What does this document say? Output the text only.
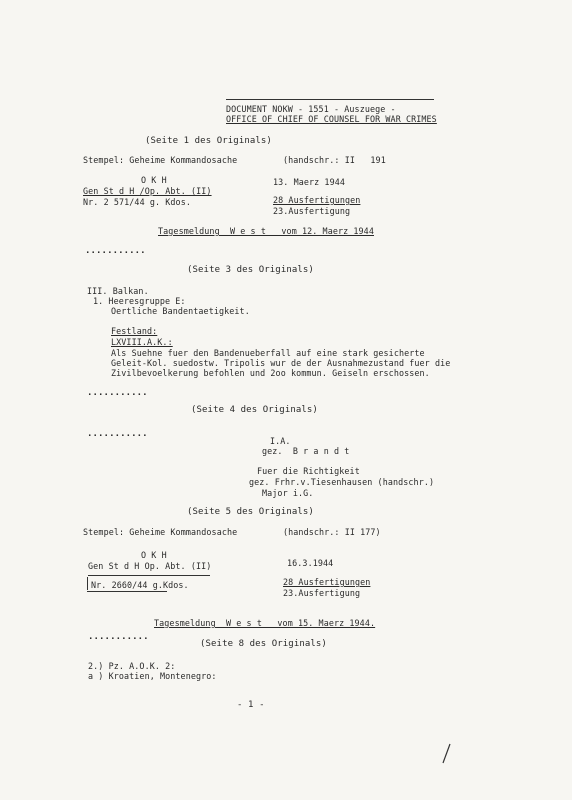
DOCUMENT NOKW - 1551 - Auszuege -
OFFICE OF CHIEF OF COUNSEL FOR WAR CRIMES
(Seite 1 des Originals)
Stempel: Geheime Kommandosache	(handschr.: II   191
O K H	13. Maerz 1944
Gen St d H /Op. Abt. (II)
Nr. 2 571/44 g. Kdos.	28 Ausfertigungen
23.Ausfertigung
Tagesmeldung  W e s t   vom 12. Maerz 1944
...........
(Seite 3 des Originals)
III. Balkan.
1. Heeresgruppe E:
Oertliche Bandentaetigkeit.
Festland:
LXVIII.A.K.:
Als Suehne fuer den Bandenueberfall auf eine stark gesicherte
Geleit-Kol. suedostw. Tripolis wur de der Ausnahmezustand fuer die
Zivilbevoelkerung befohlen und 2oo kommun. Geiseln erschossen.
...........
(Seite 4 des Originals)
...........
I.A.
gez.  B r a n d t
Fuer die Richtigkeit
gez. Frhr.v.Tiesenhausen (handschr.)
Major i.G.
(Seite 5 des Originals)
Stempel: Geheime Kommandosache	(handschr.: II 177)
O K H
Gen St d H Op. Abt. (II)	16.3.1944
Nr. 2660/44 g.Kdos.	28 Ausfertigungen
23.Ausfertigung
Tagesmeldung  W e s t   vom 15. Maerz 1944.
...........
(Seite 8 des Originals)
2.) Pz. A.O.K. 2:
a ) Kroatien, Montenegro:
- 1 -
